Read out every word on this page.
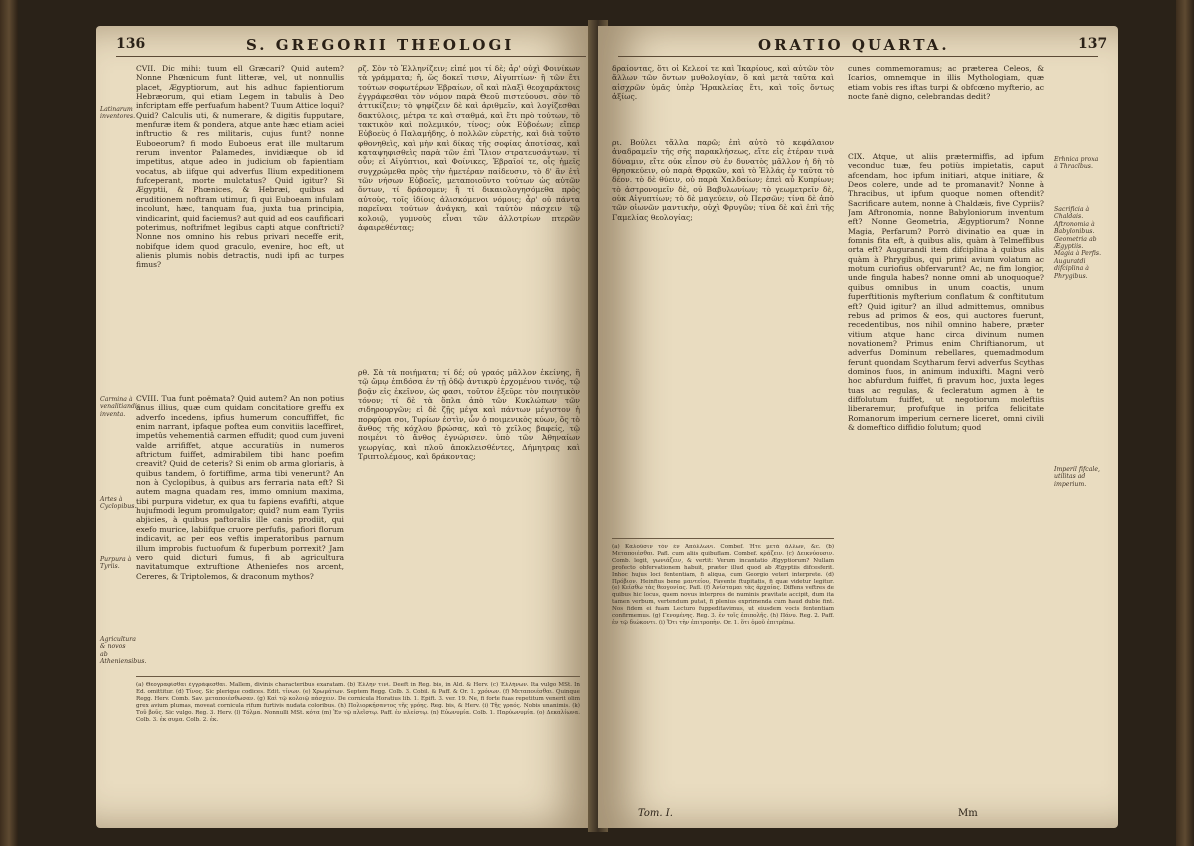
136	S. GREGORII THEOLOGI
Latinarum inventores.
Carmina à venalitiandis inventa.
Artes à Cyclopibus.
Purpura à Tyriis.
Agricultura & novos ab Atheniensibus.
CVII. Dic mihi: tuum ell Græcari? Quid autem? Nonne Phœnicum funt litteræ, vel, ut nonnullis placet, Ægyptiorum, aut his adhuc fapientiorum Hebræorum, qui etiam Legem in tabulis à Deo infcriptam effe perfuafum habent? Tuum Attice loqui? Quid? Calculis uti, & numerare, & digitis fupputare, menfuræ item & pondera, atque ante hæc etiam aciei inftructio & res militaris, cujus funt? nonne Euboeorum? fi modo Euboeus erat ille multarum rerum inventor Palamedes, invidiæque ob id impetitus, atque adeo in judicium ob fapientiam vocatus, ab iifque qui adverfus Ilium expeditionem fufceperant, morte mulctatus? Quid igitur? Si Ægyptii, & Phœnices, & Hebræi, quibus ad eruditionem noftram utimur, fi qui Euboeam infulam incolunt, hæc, tanquam fua, juxta tua principia, vindicarint, quid faciemus? aut quid ad eos caufificari poterimus, noftrifmet legibus capti atque conftricti? Nonne nos omnino his rebus privari neceffe erit, nobifque idem quod graculo, evenire, hoc eft, ut alienis plumis nobis detractis, nudi ipfi ac turpes fimus?
CVIII. Tua funt poëmata? Quid autem? An non potius anus illius, quæ cum quidam concitatiore greffu ex adverfo incedens, ipfius humerum concuffiffet, fic enim narrant, ipfaque poftea eum convitiis laceffiret, impetûs vehementiâ carmen effudit; quod cum juveni valde arrififfet, atque accuratiùs in numeros aftrictum fuiffet, admirabilem tibi hanc poefim creavit? Quid de ceteris? Si enim ob arma gloriaris, à quibus tandem, ô fortiffime, arma tibi venerunt? An non à Cyclopibus, à quibus ars ferraria nata eft? Si autem magna quadam res, immo omnium maxima, tibi purpura videtur, ex qua tu fapiens evafifti, atque hujufmodi legum promulgator; quid? num eam Tyriis abjicies, à quibus paftoralis ille canis prodiit, qui exefo murice, labiifque cruore perfufis, pafiori florum indicavit, ac per eos veftis imperatoribus parnum illum improbis fuctuofum & fuperbum porrexit? Jam vero quid dicturi fumus, fi ab agricultura navitatumque extruftione Atheniefes nos arcent, Cereres, & Triptolemos, & draconum mythos?
ρζ. Σὸν τὸ Ἑλληνίζειν; εἰπέ μοι τί δὲ; ἆρ' οὐχὶ Φοινίκων τὰ γράμματα; ἤ, ὥς δοκεῖ τισιν, Αἰγυπτίων· ἢ τῶν ἔτι τούτων σοφωτέρων Ἑβραίων, οἳ καὶ πλαξὶ θεοχαράκτοις ἐγγράφεσθαι τὸν νόμον παρὰ Θεοῦ πιστεύουσι. σὸν τὸ ἀττικίζειν; τὸ ψηφίζειν δὲ καὶ ἀριθμεῖν, καὶ λογίζεσθαι δακτύλοις, μέτρα τε καὶ σταθμά, καὶ ἔτι πρὸ τούτων, τὸ τακτικὸν καὶ πολεμικόν, τίνος; οὐκ Εὐβοέων; εἴπερ Εὐβοεὺς ὁ Παλαμήδης, ὁ πολλῶν εὑρετὴς, καὶ διὰ τοῦτο φθονηθεὶς, καὶ μὴν καὶ δίκας τῆς σοφίας ἀποτίσας, καὶ καταψηφισθεὶς παρὰ τῶν ἐπὶ Ἴλιον στρατευσάντων. τί οὖν; εἰ Αἰγύπτιοι, καὶ Φοίνικες, Ἑβραῖοί τε, οἷς ἡμεῖς συγχρώμεθα πρὸς τὴν ἡμετέραν παίδευσιν, τὸ δ' ἂν ἐτὶ τῶν νήσων Εὐβοεῖς, μεταποιοῦντο τούτων ὡς αὐτῶν ὄντων, τί δράσομεν; ἢ τί δικαιολογησόμεθα πρὸς αὐτοὺς, τοῖς ἰδίοις ἁλισκόμενοι νόμοις; ἆρ' οὐ πάντα παρεῖναι τούτων ἀνάγκη, καὶ ταὐτὸν πάσχειν τῷ κολοιῷ, γυμνοὺς εἶναι τῶν ἀλλοτρίων πτερῶν ἀφαιρεθέντας;
ρθ. Σὰ τὰ ποιήματα; τί δέ; οὐ γραός μᾶλλον ἐκείνης, ἣ τῷ ὤμῳ ἐπιδόσα ἐν τῇ ὁδῷ ἀντικρὺ ἐρχομένου τινός, τῷ βοᾷν εἰς ἐκεῖνον, ὡς φασι, τοῦτον ἐξεῦρε τὸν ποιητικὸν τόνον; τί δὲ τὰ ὅπλα ἀπὸ τῶν Κυκλώπων τῶν σιδηρουργῶν; εἰ δὲ ζῇς μέγα καὶ πάντων μέγιστον ἡ πορφύρα σοι, Τυρίων ἐστὶν, ὧν ὁ ποιμενικὸς κύων, ὅς τὸ ἄνθος τῆς κόχλου βρώσας, καὶ τὸ χεῖλος βαφείς, τῷ ποιμένι τὸ ἄνθος ἐγνώρισεν. ὑπὸ τῶν Ἀθηναίων γεωργίας, καὶ πλοῦ ἀποκλεισθέντες, Δήμητρας καὶ Τριπτολέμους, καὶ δράκοντας;
(a) Θεογραφίσθαι ἐγγράφεσθαι. Mallem, divinis characteribus exaratam. (b) Ἑλλην τινί. Deeft in Reg. bis, in Ald. & Herv. (c) Ἑλλήνων. Ita vulgo MSt. In Ed. omittitur. (d) Τίνος. Sic plerique codices. Edit. τίνων. (e) Χρωμάτων. Septem Regg. Colb. 3. Cobil. & Paff. & Or. 1. χρόνων. (f) Μεταποιέσθαι. Quinque Regg. Herv. Comb. Sav. μεταποιέσθωσαν. (g) Καὶ τῷ κολοιῷ πάσχειν. De cornicula Horatius lib. 1. Epift. 3. ver. 19. Ne, fi forte fuas repetitum venerit olim grex avium plumas, moveat cornicula rifum furtivis nudata coloribus. (h) Πολιορκήσαντος τῆς γρόης. Reg. bis, & Herv. (i) Τῆς γραός. Nobis unanimis. (k) Τοῦ βοῦς. Sic vulgo. Reg. 3. Herv. (l) Τόλμα. Nonnulli MSt. κότα (m) Ἐν τῷ πλεῖστῳ. Paff. ἐν πλείστῳ. (n) Εὐωνυμία. Colb. 1. Παρύωνυμία. (o) Δεκαλίωνα. Colb. 3. ἐκ συμα. Colb. 2. ἐκ.
ORATIO QUARTA.	137
δραίοντας, ὅτι οἱ Κελεοί τε καὶ Ἰκαρίους, καὶ αὐτῶν τὸν ἄλλων τῶν ὄντων μυθολογίαν, ὅ καὶ μετὰ ταῦτα καὶ αἰσχρῶν ὑμᾶς ὑπὲρ Ἡρακλείας ἔτι, καὶ τοῖς ὄντως ἀξίως.
ρι. Βούλει τἄλλα παρῶ; ἐπὶ αὐτὸ τὸ κεφάλαιον ἀναδραμεῖν τῆς σῆς παρακλήσεως, εἴτε εἰς ἑτέραν τινὰ δύναμιν, εἴτε οὐκ εἶπον σὺ ἐν δυνατὸς μᾶλλον ἡ δὴ τὸ θρησκεύειν, οὐ παρὰ Θρᾳκῶν, καὶ τὸ Ἐλλάς ἐν ταῦτα τὸ δέον. τὸ δὲ θύειν, οὐ παρὰ Χαλδαίων; ἐπεὶ αὖ Κυπρίων; τὸ ἀστρονομεῖν δὲ, οὐ Βαβυλωνίων; τὸ γεωμετρεῖν δὲ, οὐκ Αἰγυπτίων; τὸ δὲ μαγεύειν, οὐ Περσῶν; τίνα δὲ ἀπὸ τῶν οἰωνῶν μαντικὴν, οὐχὶ Φρυγῶν; τίνα δὲ καὶ ἐπὶ τῆς Γαμελίας θεολογίας;
cunes commemoramus; ac præterea Celeos, & Icarios, omnemque in illis Mythologiam, quæ etiam vobis res iftas turpi & obfcœno myfterio, ac nocte fanè digno, celebrandas dedit?
CIX. Atque, ut aliis prætermiffis, ad ipfum veconduc tuæ, feu potiùs impietatis, caput afcendam, hoc ipfum initiari, atque initiare, & Deos colere, unde ad te promanavit? Nonne à Thracibus, ut ipfum quoque nomen oftendit? Sacrificare autem, nonne à Chaldæis, five Cypriis? Jam Aftronomia, nonne Babyloniorum inventum eft? Nonne Geometria, Ægyptiorum? Nonne Magia, Perfarum? Porrò divinatio ea quæ in fomnis fita eft, à quibus alis, quàm à Telmeffibus orta eft? Augurandi item difciplina à quibus alis quàm à Phrygibus, qui primi avium volatum ac motum curiofius obfervarunt? Ac, ne fim longior, unde fingula habes? nonne omni ab unoquoque? quibus omnibus in unum coactis, unum fuperftitionis myfterium conflatum & conftitutum eft? Quid igitur? an illud admittemus, omnibus rebus ad primos & eos, qui auctores fuerunt, recedentibus, nos nihil omnino habere, præter vitium atque hanc circa divinum numen novationem? Primus enim Chriftianorum, ut adverfus Dominum rebellares, quemadmodum ferunt quondam Scytharum fervi adverfus Scythas dominos fuos, in animum induxifti. Magni verò hoc abfurdum fuiffet, fi pravum hoc, juxta leges tuas ac regulas, & fecleratum agmen à te diffolutum fuiffet, ut negotiorum moleftiis liberaremur, profufque in prifca felicitate Romanorum imperium cernere liceret, omni civili & domeftico diffidio folutum; quod
Erhnica proxa à Thraclbus.
Sacrificia à Chaldais. Aftronomia à Babylonibus. Geometria ab Ægyptiis. Magia à Perfis. Auguratdi difciplina à Phrygibus.
Imperil fifcale, utilitas ad imperium.
(a) Καλοῦσιν τὸν ἐν Ἀπόλλωνι. Combef. Ἡτε μετὰ ἄλλων, &c. (b) Μεταποιέσθαι. Pafl. cum aliis quibuflam. Combef. κράζειν. (c) Δεικνύουσιν. Comb. legit, γωνιάζειν, & vertit: Verum incantatio Ægyptiorum? Nullam profecto obfervationem habuit, præter illud quod ab Ægyptiis difcesferit. Inhoc hujus loci fententiam, fi aliqua, cum Georgio veteri interprete. (d) Πρόβιον. Heinfius bene μαντείου, Favente ftupitatis, fi quæ videtur legitur. (e) Κείσθω τὰς θεογονίας. Pafl. (f) Ἀνίσταμαι τὰς ἀρχαίας. Diffens veftres de quibus hic locus, quem novus interpres de numinis pravitate accipit, dum ita tamen verbum, vertendum putat, fi plenius exprimenda cum haud dubie fint. Nos fidem ei fuam Lecturo fuppeditavimus, ut eiusdem vocis fententiam confirmemus. (g) Γενομένης. Reg. 3. ἐν τοῖς ἐπιπολῆς. (h) Πάνυ. Reg. 2. Paff. ἐν τῷ διώκοντι. (i) Ὅτι τὴν ἐπιτροπὴν. Or. 1. ὅτι ὁμοῦ ἐπιτρέπω.
Tom. I.	Mm
